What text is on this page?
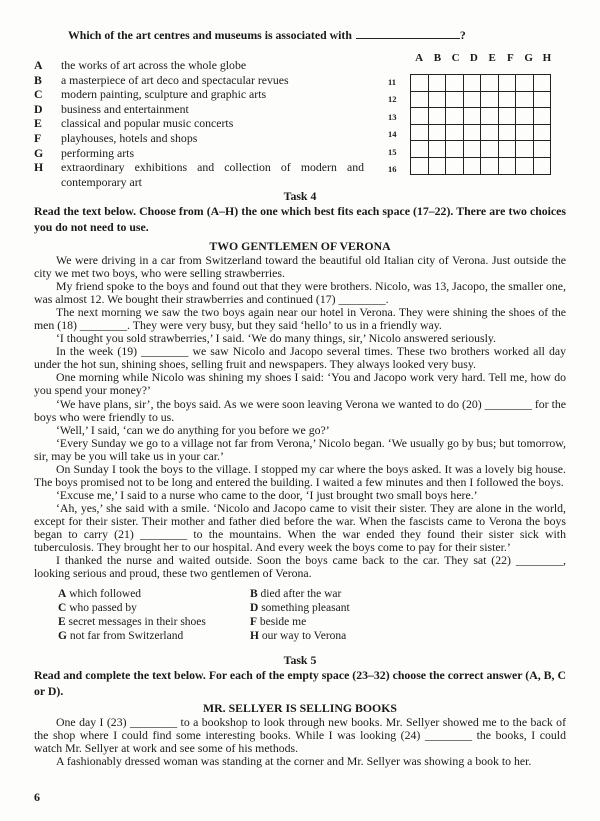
Which of the art centres and museums is associated with	?
A	the works of art across the whole globe
B	a masterpiece of art deco and spectacular revues
C	modern painting, sculpture and graphic arts
D	business and entertainment
E	classical and popular music concerts
F	playhouses, hotels and shops
G	performing arts
H	extraordinary exhibitions and collection of modern and contemporary art
A B C D E	F G H
11
12
13
14
15
16

Task 4
Read the text below. Choose from (A–H) the one which best fits each space (17–22). There are two choices you do not need to use.
TWO GENTLEMEN OF VERONA

We were driving in a car from Switzerland toward the beautiful old Italian city of Verona. Just outside the city we met two boys, who were selling strawberries.

My friend spoke to the boys and found out that they were brothers. Nicolo, was 13, Jacopo, the smaller one, was almost 12. We bought their strawberries and continued (17) ________.

The next morning we saw the two boys again near our hotel in Verona. They were shining the shoes of the men (18) ________. They were very busy, but they said ‘hello’ to us in a friendly way.

‘I thought you sold strawberries,’ I said. ‘We do many things, sir,’ Nicolo answered seriously.

In the week (19) ________ we saw Nicolo and Jacopo several times. These two brothers worked all day under the hot sun, shining shoes, selling fruit and newspapers. They always looked very busy.

One morning while Nicolo was shining my shoes I said: ‘You and Jacopo work very hard. Tell me, how do you spend your money?’

‘We have plans, sir’, the boys said. As we were soon leaving Verona we wanted to do (20) ________ for the boys who were friendly to us.

‘Well,’ I said, ‘can we do anything for you before we go?’

‘Every Sunday we go to a village not far from Verona,’ Nicolo began. ‘We usually go by bus; but tomorrow, sir, may be you will take us in your car.’

On Sunday I took the boys to the village. I stopped my car where the boys asked. It was a lovely big house. The boys promised not to be long and entered the building. I waited a few minutes and then I followed the boys.

‘Excuse me,’ I said to a nurse who came to the door, ‘I just brought two small boys here.’

‘Ah, yes,’ she said with a smile. ‘Nicolo and Jacopo came to visit their sister. They are alone in the world, except for their sister. Their mother and father died before the war. When the fascists came to Verona the boys began to carry (21) ________ to the mountains. When the war ended they found their sister sick with tuberculosis. They brought her to our hospital. And every week the boys come to pay for their sister.’

I thanked the nurse and waited outside. Soon the boys came back to the car. They sat (22) ________, looking serious and proud, these two gentlemen of Verona.

A which followed	B died after the war
C who passed by	D something pleasant
E secret messages in their shoes	F beside me
G not far from Switzerland	H our way to Verona
Task 5
Read and complete the text below. For each of the empty space (23–32) choose the correct answer (A, B, C or D).
MR. SELLYER IS SELLING BOOKS

One day I (23) ________ to a bookshop to look through new books. Mr. Sellyer showed me to the back of the shop where I could find some interesting books. While I was looking (24) ________ the books, I could watch Mr. Sellyer at work and see some of his methods.

A fashionably dressed woman was standing at the corner and Mr. Sellyer was showing a book to her.

6
